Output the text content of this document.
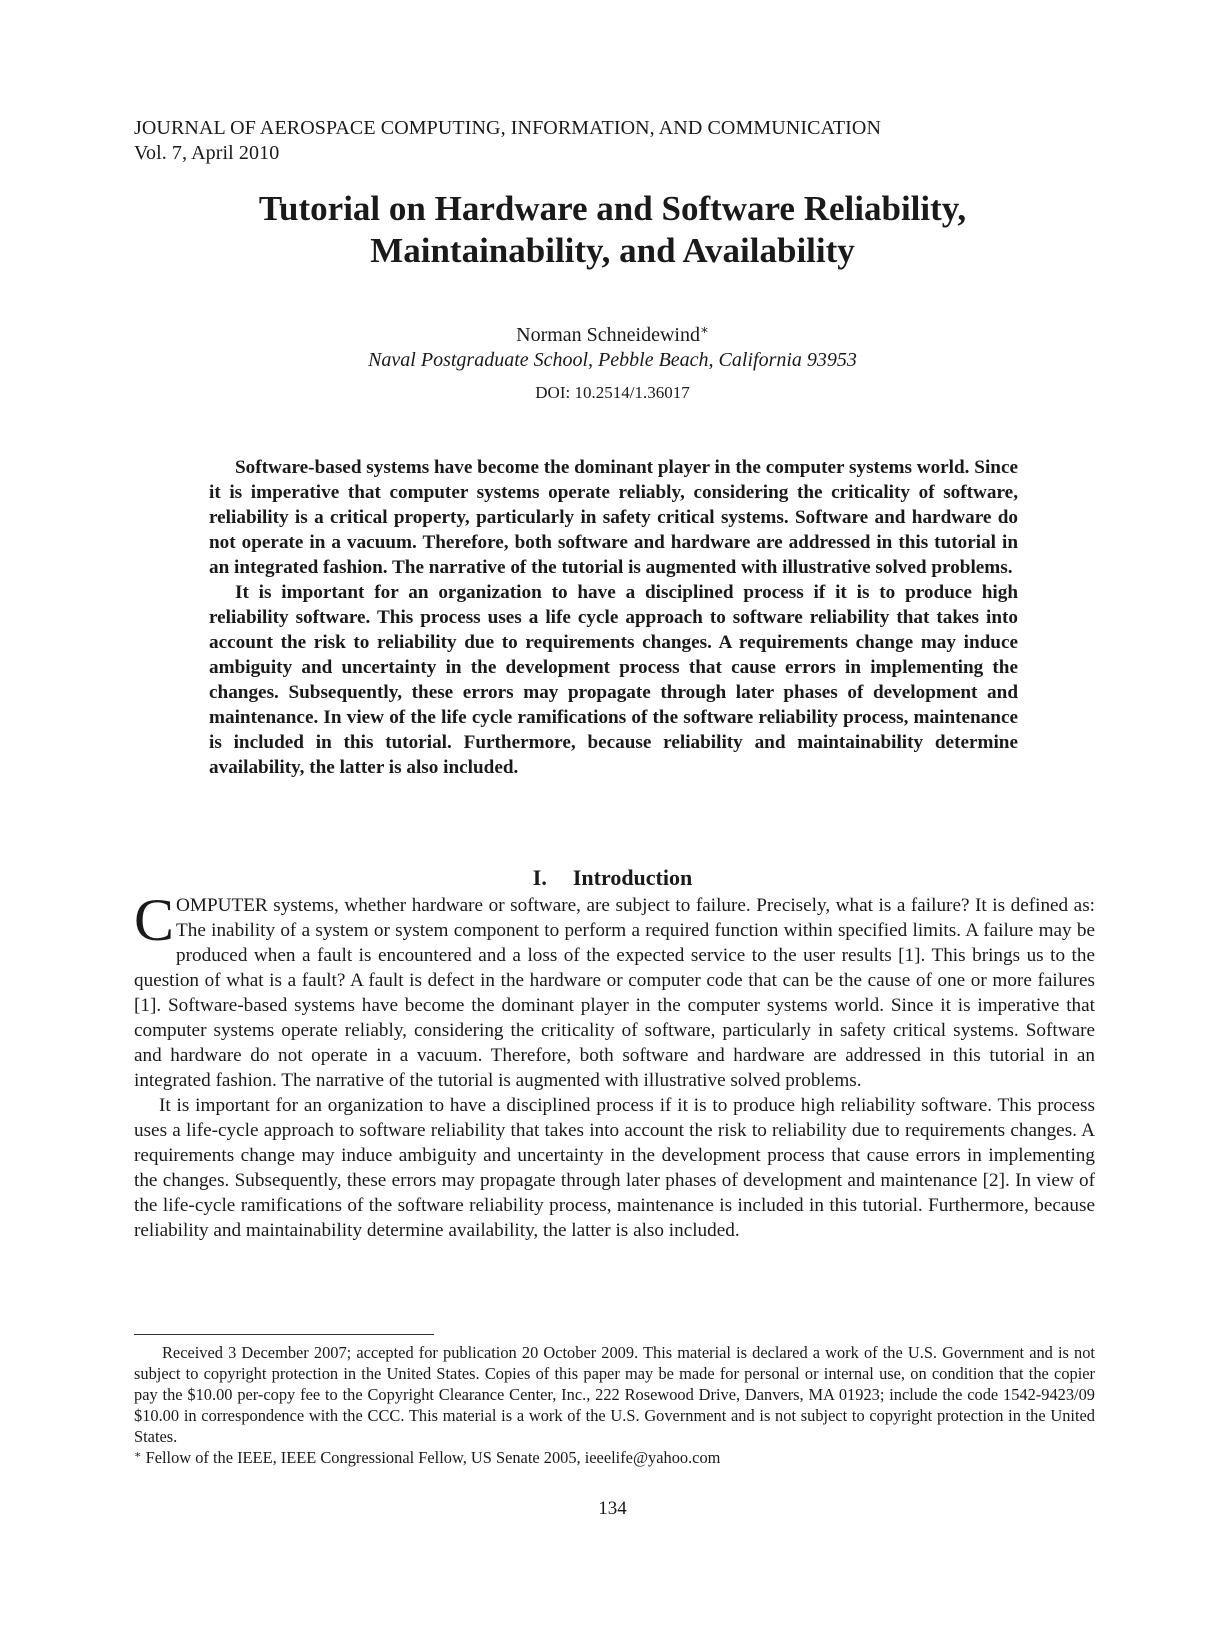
JOURNAL OF AEROSPACE COMPUTING, INFORMATION, AND COMMUNICATION
Vol. 7, April 2010
Tutorial on Hardware and Software Reliability,
Maintainability, and Availability
Norman Schneidewind∗
Naval Postgraduate School, Pebble Beach, California 93953
DOI: 10.2514/1.36017

Software-based systems have become the dominant player in the computer systems world. Since it is imperative that computer systems operate reliably, considering the criticality of software, reliability is a critical property, particularly in safety critical systems. Software and hardware do not operate in a vacuum. Therefore, both software and hardware are addressed in this tutorial in an integrated fashion. The narrative of the tutorial is augmented with illustrative solved problems.

It is important for an organization to have a disciplined process if it is to produce high reliability software. This process uses a life cycle approach to software reliability that takes into account the risk to reliability due to requirements changes. A requirements change may induce ambiguity and uncertainty in the development process that cause errors in implementing the changes. Subsequently, these errors may propagate through later phases of development and maintenance. In view of the life cycle ramifications of the software reliability process, maintenance is included in this tutorial. Furthermore, because reliability and maintainability determine availability, the latter is also included.

I. Introduction

COMPUTER systems, whether hardware or software, are subject to failure. Precisely, what is a failure? It is defined as: The inability of a system or system component to perform a required function within specified limits. A failure may be produced when a fault is encountered and a loss of the expected service to the user results [1]. This brings us to the question of what is a fault? A fault is defect in the hardware or computer code that can be the cause of one or more failures [1]. Software-based systems have become the dominant player in the computer systems world. Since it is imperative that computer systems operate reliably, considering the criticality of software, particularly in safety critical systems. Software and hardware do not operate in a vacuum. Therefore, both software and hardware are addressed in this tutorial in an integrated fashion. The narrative of the tutorial is augmented with illustrative solved problems.

It is important for an organization to have a disciplined process if it is to produce high reliability software. This process uses a life-cycle approach to software reliability that takes into account the risk to reliability due to requirements changes. A requirements change may induce ambiguity and uncertainty in the development process that cause errors in implementing the changes. Subsequently, these errors may propagate through later phases of development and maintenance [2]. In view of the life-cycle ramifications of the software reliability process, maintenance is included in this tutorial. Furthermore, because reliability and maintainability determine availability, the latter is also included.

Received 3 December 2007; accepted for publication 20 October 2009. This material is declared a work of the U.S. Government and is not subject to copyright protection in the United States. Copies of this paper may be made for personal or internal use, on condition that the copier pay the $10.00 per-copy fee to the Copyright Clearance Center, Inc., 222 Rosewood Drive, Danvers, MA 01923; include the code 1542-9423/09 $10.00 in correspondence with the CCC. This material is a work of the U.S. Government and is not subject to copyright protection in the United States.

∗ Fellow of the IEEE, IEEE Congressional Fellow, US Senate 2005, ieeelife@yahoo.com

134
